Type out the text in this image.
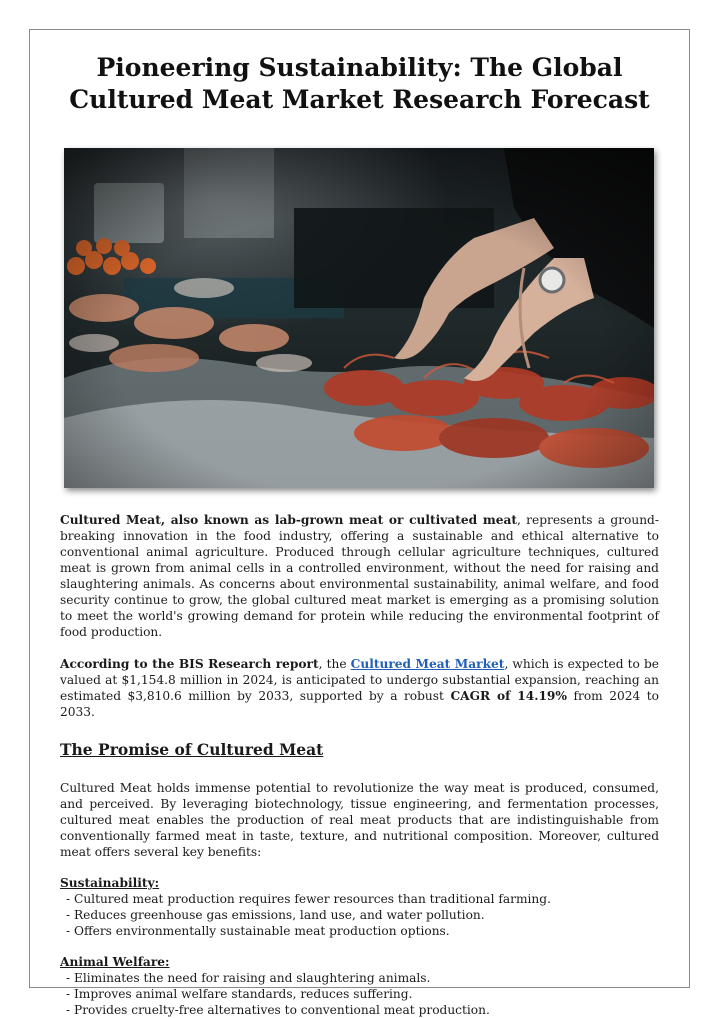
Pioneering Sustainability: The Global Cultured Meat Market Research Forecast

Cultured Meat, also known as lab-grown meat or cultivated meat, represents a ground-breaking innovation in the food industry, offering a sustainable and ethical alternative to conventional animal agriculture. Produced through cellular agriculture techniques, cultured meat is grown from animal cells in a controlled environment, without the need for raising and slaughtering animals. As concerns about environmental sustainability, animal welfare, and food security continue to grow, the global cultured meat market is emerging as a promising solution to meet the world's growing demand for protein while reducing the environmental footprint of food production.

According to the BIS Research report, the Cultured Meat Market, which is expected to be valued at $1,154.8 million in 2024, is anticipated to undergo substantial expansion, reaching an estimated $3,810.6 million by 2033, supported by a robust CAGR of 14.19% from 2024 to 2033.

The Promise of Cultured Meat

Cultured Meat holds immense potential to revolutionize the way meat is produced, consumed, and perceived. By leveraging biotechnology, tissue engineering, and fermentation processes, cultured meat enables the production of real meat products that are indistinguishable from conventionally farmed meat in taste, texture, and nutritional composition. Moreover, cultured meat offers several key benefits:

Sustainability:
- Cultured meat production requires fewer resources than traditional farming.
- Reduces greenhouse gas emissions, land use, and water pollution.
- Offers environmentally sustainable meat production options.
Animal Welfare:
- Eliminates the need for raising and slaughtering animals.
- Improves animal welfare standards, reduces suffering.
- Provides cruelty-free alternatives to conventional meat production.
